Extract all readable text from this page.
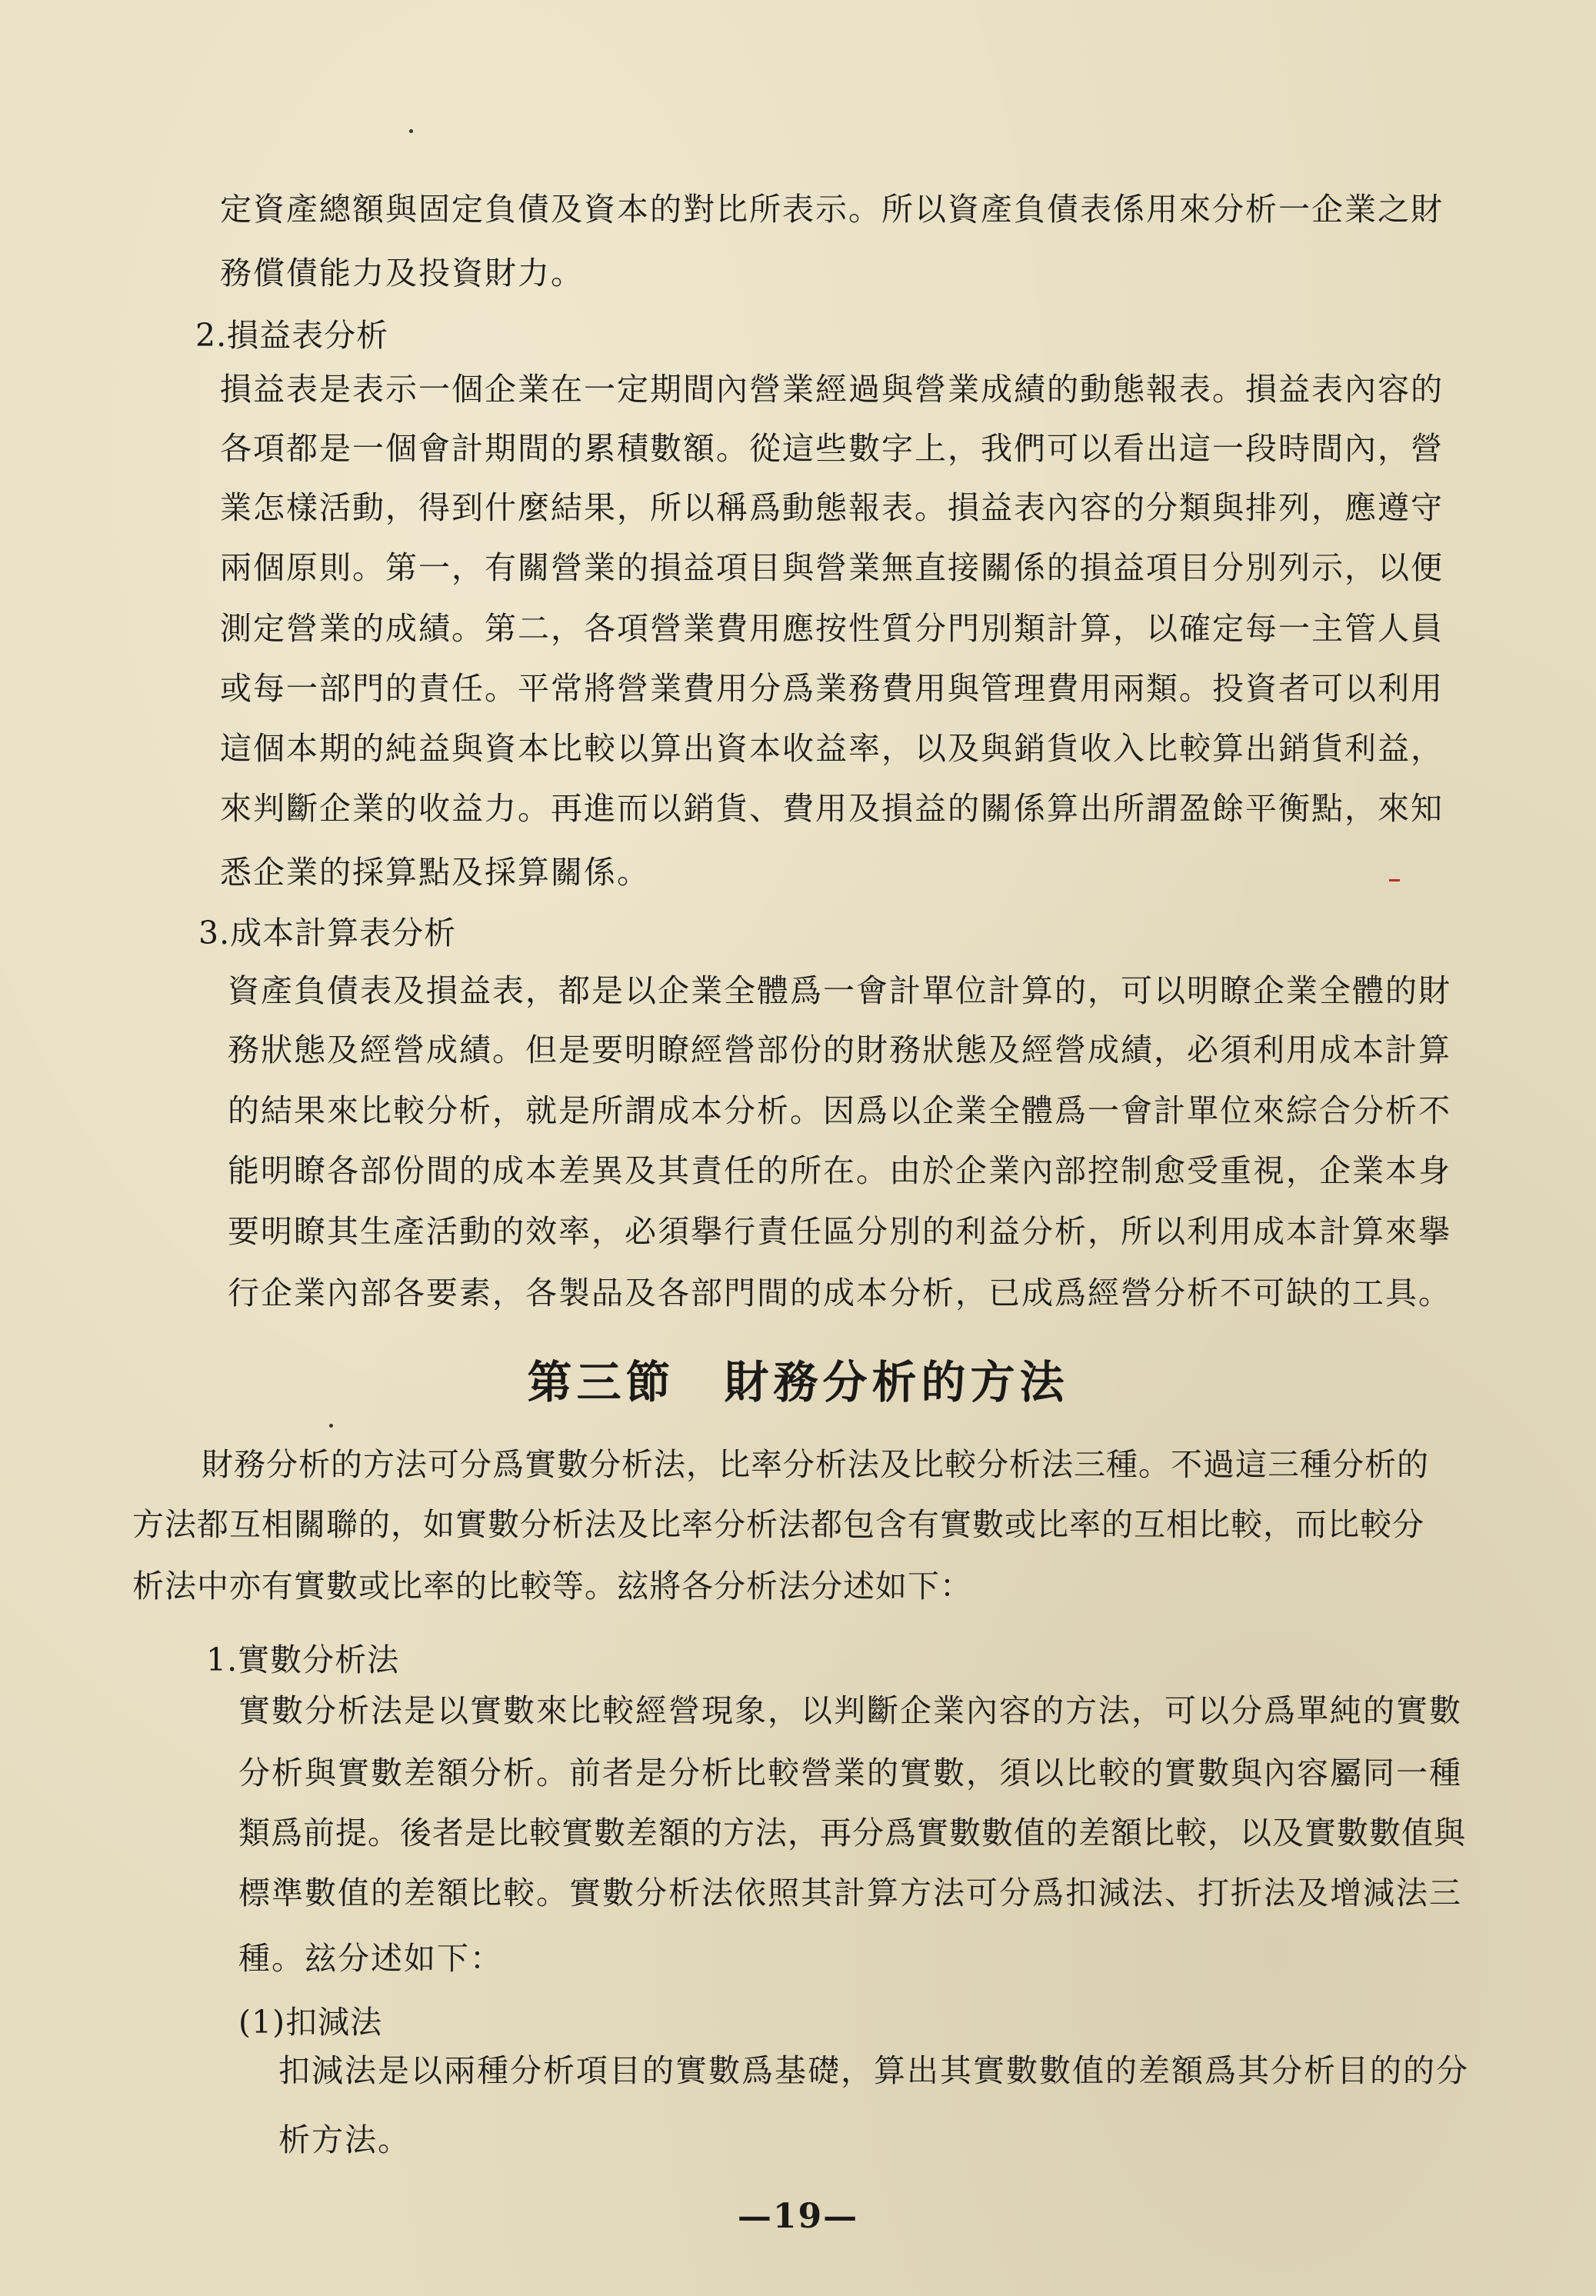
定資產總額與固定負債及資本的對比所表示。所以資產負債表係用來分析一企業之財
務償債能力及投資財力。
2.損益表分析
損益表是表示一個企業在一定期間內營業經過與營業成績的動態報表。損益表內容的
各項都是一個會計期間的累積數額。從這些數字上，我們可以看出這一段時間內，營
業怎樣活動，得到什麼結果，所以稱爲動態報表。損益表內容的分類與排列，應遵守
兩個原則。第一，有關營業的損益項目與營業無直接關係的損益項目分別列示，以便
測定營業的成績。第二，各項營業費用應按性質分門別類計算，以確定每一主管人員
或每一部門的責任。平常將營業費用分爲業務費用與管理費用兩類。投資者可以利用
這個本期的純益與資本比較以算出資本收益率，以及與銷貨收入比較算出銷貨利益，
來判斷企業的收益力。再進而以銷貨、費用及損益的關係算出所謂盈餘平衡點，來知
悉企業的採算點及採算關係。
3.成本計算表分析
資產負債表及損益表，都是以企業全體爲一會計單位計算的，可以明瞭企業全體的財
務狀態及經營成績。但是要明瞭經營部份的財務狀態及經營成績，必須利用成本計算
的結果來比較分析，就是所謂成本分析。因爲以企業全體爲一會計單位來綜合分析不
能明瞭各部份間的成本差異及其責任的所在。由於企業內部控制愈受重視，企業本身
要明瞭其生產活動的效率，必須擧行責任區分別的利益分析，所以利用成本計算來擧
行企業內部各要素，各製品及各部門間的成本分析，已成爲經營分析不可缺的工具。
第三節　財務分析的方法
財務分析的方法可分爲實數分析法，比率分析法及比較分析法三種。不過這三種分析的
方法都互相關聯的，如實數分析法及比率分析法都包含有實數或比率的互相比較，而比較分
析法中亦有實數或比率的比較等。玆將各分析法分述如下：
1.實數分析法
實數分析法是以實數來比較經營現象，以判斷企業內容的方法，可以分爲單純的實數
分析與實數差額分析。前者是分析比較營業的實數，須以比較的實數與內容屬同一種
類爲前提。後者是比較實數差額的方法，再分爲實數數值的差額比較，以及實數數值與
標準數值的差額比較。實數分析法依照其計算方法可分爲扣減法、打折法及增減法三
種。玆分述如下：
(1)扣減法
扣減法是以兩種分析項目的實數爲基礎，算出其實數數值的差額爲其分析目的的分
析方法。
—19—
